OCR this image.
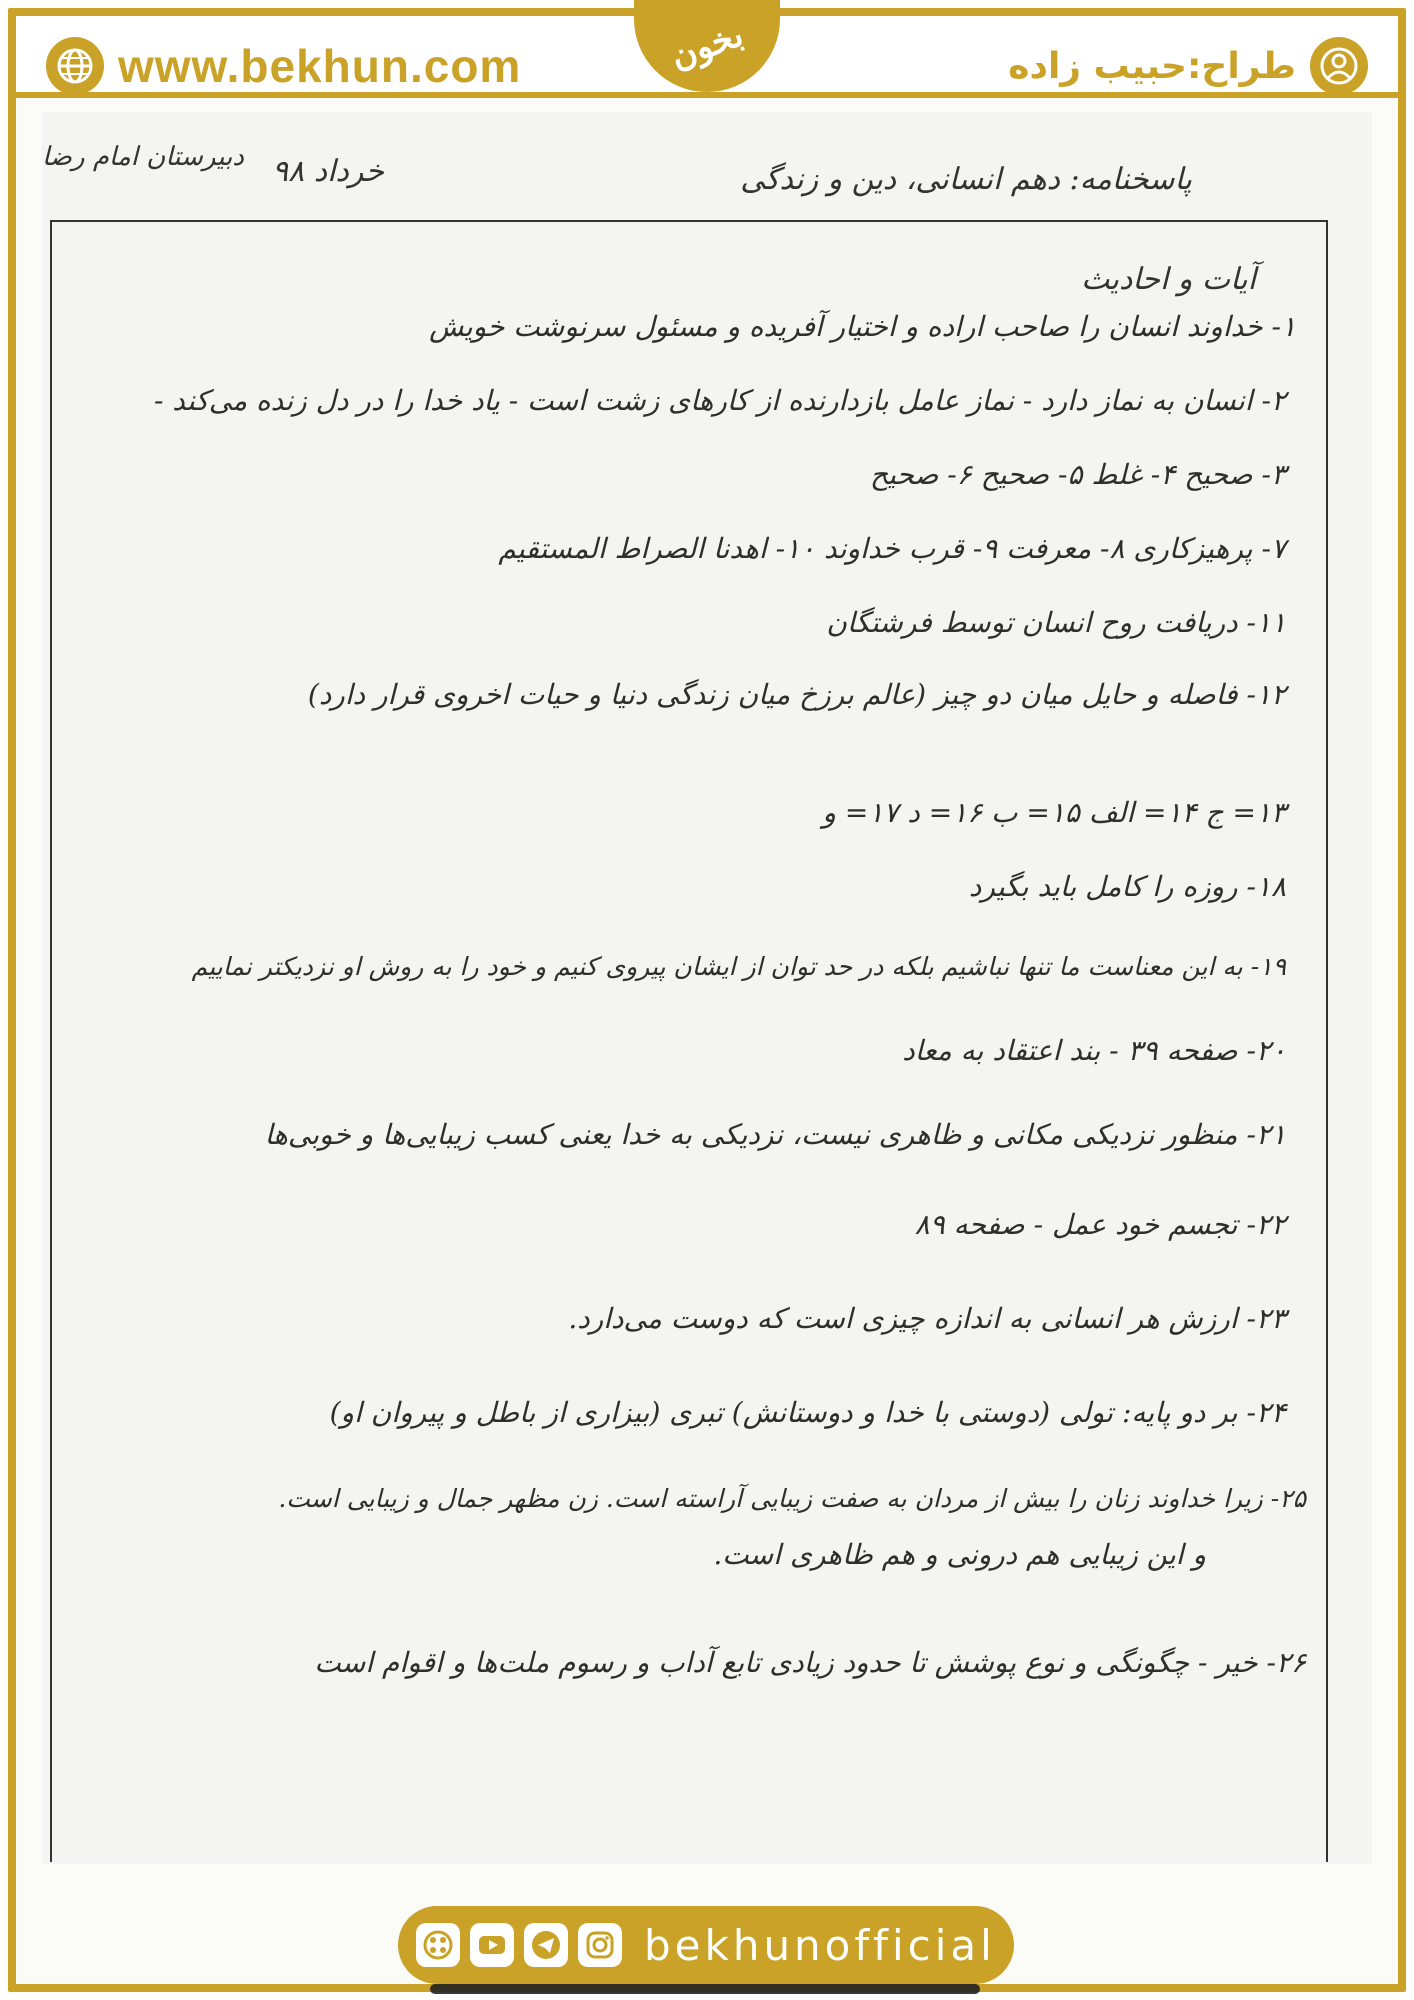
www.bekhun.com	طراح:حبیب زاده
بخون
پاسخنامه: دهم انسانی، دین و زندگی
خرداد ۹۸
دبیرستان امام رضا
آیات و احادیث
۱- خداوند انسان را صاحب اراده و اختیار آفریده و مسئول سرنوشت خویش
۲- انسان به نماز دارد - نماز عامل بازدارنده از کارهای زشت است - یاد خدا را در دل زنده می‌کند -
۳- صحیح ۴- غلط ۵- صحیح ۶- صحیح
۷- پرهیزکاری ۸- معرفت ۹- قرب خداوند ۱۰- اهدنا الصراط المستقیم
۱۱- دریافت روح انسان توسط فرشتگان
۱۲- فاصله و حایل میان دو چیز (عالم برزخ میان زندگی دنیا و حیات اخروی قرار دارد)
۱۳= ج ۱۴= الف ۱۵= ب ۱۶= د ۱۷= و
۱۸- روزه را کامل باید بگیرد
۱۹- به این معناست ما تنها نباشیم بلکه در حد توان از ایشان پیروی کنیم و خود را به روش او نزدیکتر نماییم
۲۰- صفحه ۳۹ - بند اعتقاد به معاد
۲۱- منظور نزدیکی مکانی و ظاهری نیست، نزدیکی به خدا یعنی کسب زیبایی‌ها و خوبی‌ها
۲۲- تجسم خود عمل - صفحه ۸۹
۲۳- ارزش هر انسانی به اندازه چیزی است که دوست می‌دارد.
۲۴- بر دو پایه: تولی (دوستی با خدا و دوستانش) تبری (بیزاری از باطل و پیروان او)
۲۵- زیرا خداوند زنان را بیش از مردان به صفت زیبایی آراسته است. زن مظهر جمال و زیبایی است.
و این زیبایی هم درونی و هم ظاهری است.
۲۶- خیر - چگونگی و نوع پوشش تا حدود زیادی تابع آداب و رسوم ملت‌ها و اقوام است
bekhunofficial
